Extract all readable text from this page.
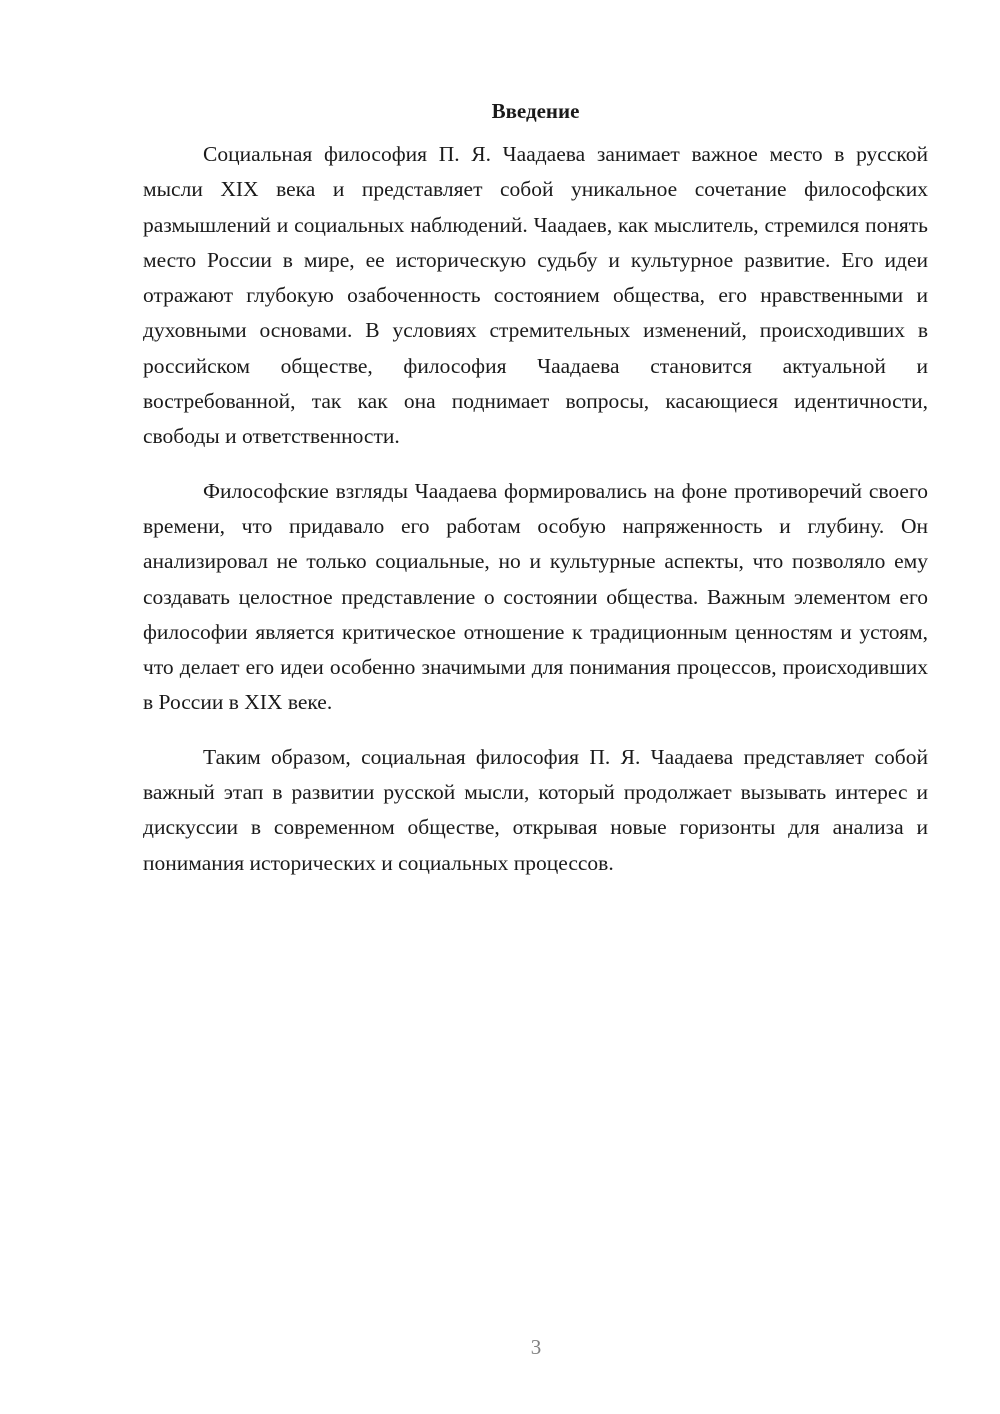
Введение

Социальная философия П. Я. Чаадаева занимает важное место в русской мысли XIX века и представляет собой уникальное сочетание философских размышлений и социальных наблюдений. Чаадаев, как мыслитель, стремился понять место России в мире, ее историческую судьбу и культурное развитие. Его идеи отражают глубокую озабоченность состоянием общества, его нравственными и духовными основами. В условиях стремительных изменений, происходивших в российском обществе, философия Чаадаева становится актуальной и востребованной, так как она поднимает вопросы, касающиеся идентичности, свободы и ответственности.

Философские взгляды Чаадаева формировались на фоне противоречий своего времени, что придавало его работам особую напряженность и глубину. Он анализировал не только социальные, но и культурные аспекты, что позволяло ему создавать целостное представление о состоянии общества. Важным элементом его философии является критическое отношение к традиционным ценностям и устоям, что делает его идеи особенно значимыми для понимания процессов, происходивших в России в XIX веке.

Таким образом, социальная философия П. Я. Чаадаева представляет собой важный этап в развитии русской мысли, который продолжает вызывать интерес и дискуссии в современном обществе, открывая новые горизонты для анализа и понимания исторических и социальных процессов.

3
